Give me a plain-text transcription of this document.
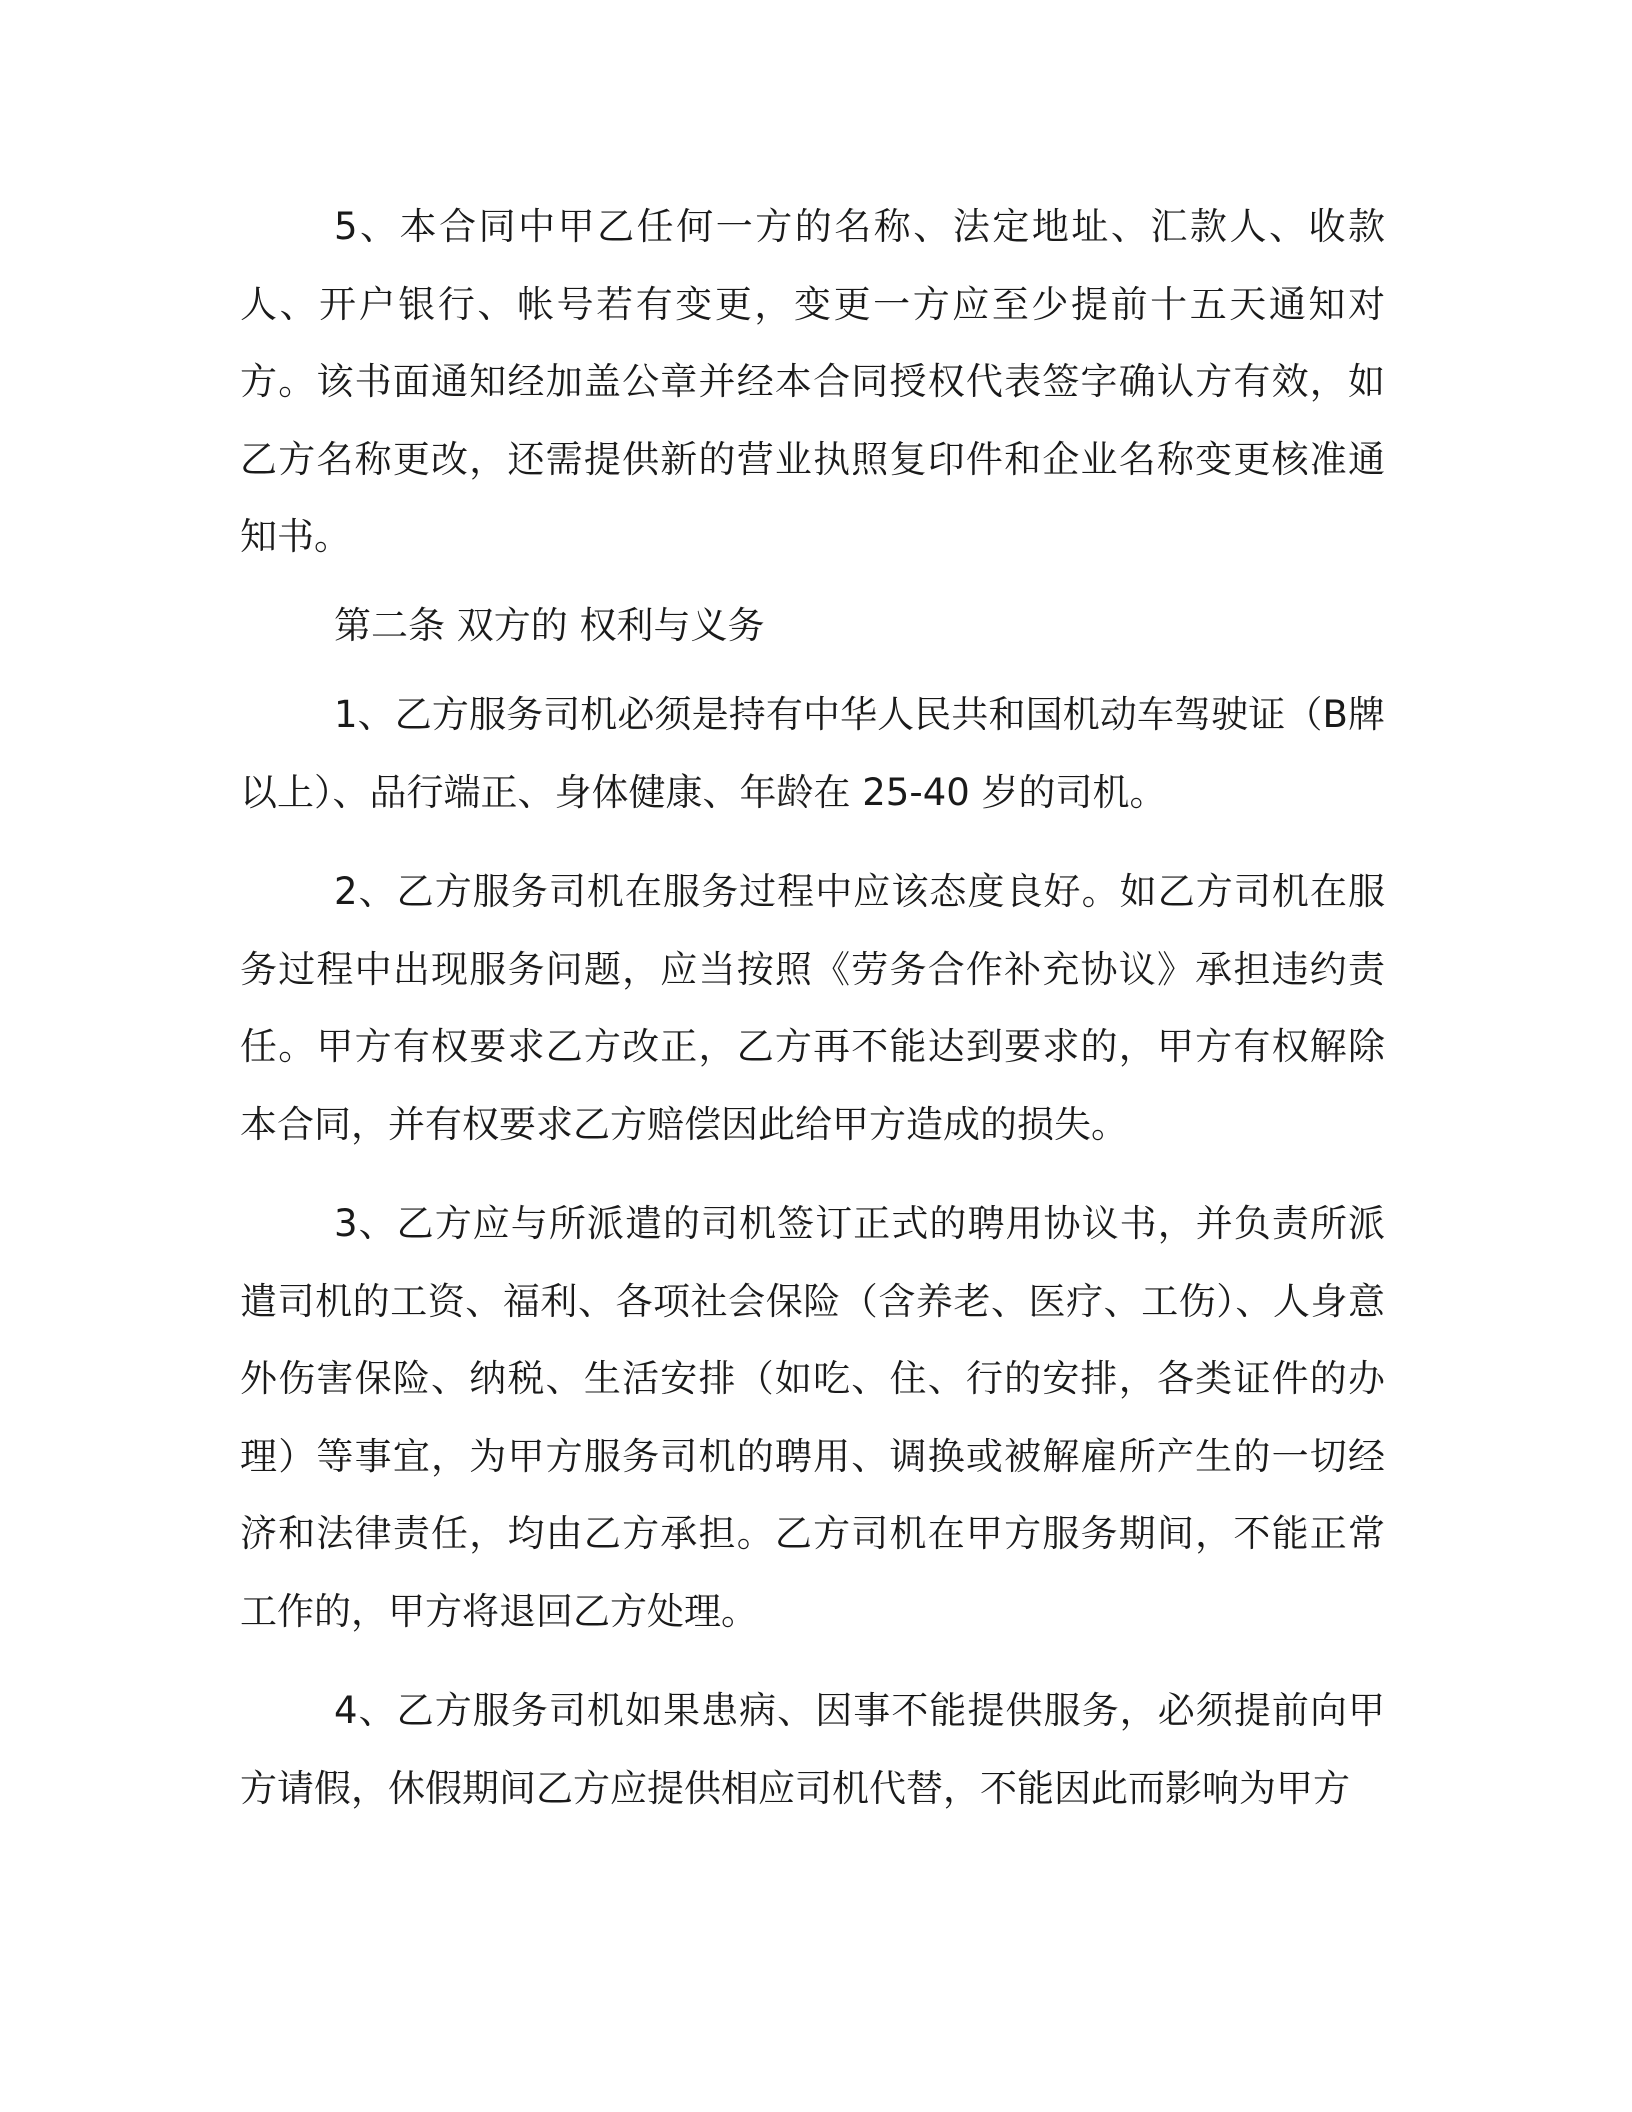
5、本合同中甲乙任何一方的名称、法定地址、汇款人、收款人、开户银行、帐号若有变更，变更一方应至少提前十五天通知对方。该书面通知经加盖公章并经本合同授权代表签字确认方有效，如乙方名称更改，还需提供新的营业执照复印件和企业名称变更核准通知书。

第二条 双方的 权利与义务

1、乙方服务司机必须是持有中华人民共和国机动车驾驶证（B牌以上）、品行端正、身体健康、年龄在 25-40 岁的司机。

2、乙方服务司机在服务过程中应该态度良好。如乙方司机在服务过程中出现服务问题，应当按照《劳务合作补充协议》承担违约责任。甲方有权要求乙方改正，乙方再不能达到要求的，甲方有权解除本合同，并有权要求乙方赔偿因此给甲方造成的损失。

3、乙方应与所派遣的司机签订正式的聘用协议书，并负责所派遣司机的工资、福利、各项社会保险（含养老、医疗、工伤）、人身意外伤害保险、纳税、生活安排（如吃、住、行的安排，各类证件的办理）等事宜，为甲方服务司机的聘用、调换或被解雇所产生的一切经济和法律责任，均由乙方承担。乙方司机在甲方服务期间，不能正常工作的，甲方将退回乙方处理。

4、乙方服务司机如果患病、因事不能提供服务，必须提前向甲方请假，休假期间乙方应提供相应司机代替，不能因此而影响为甲方
